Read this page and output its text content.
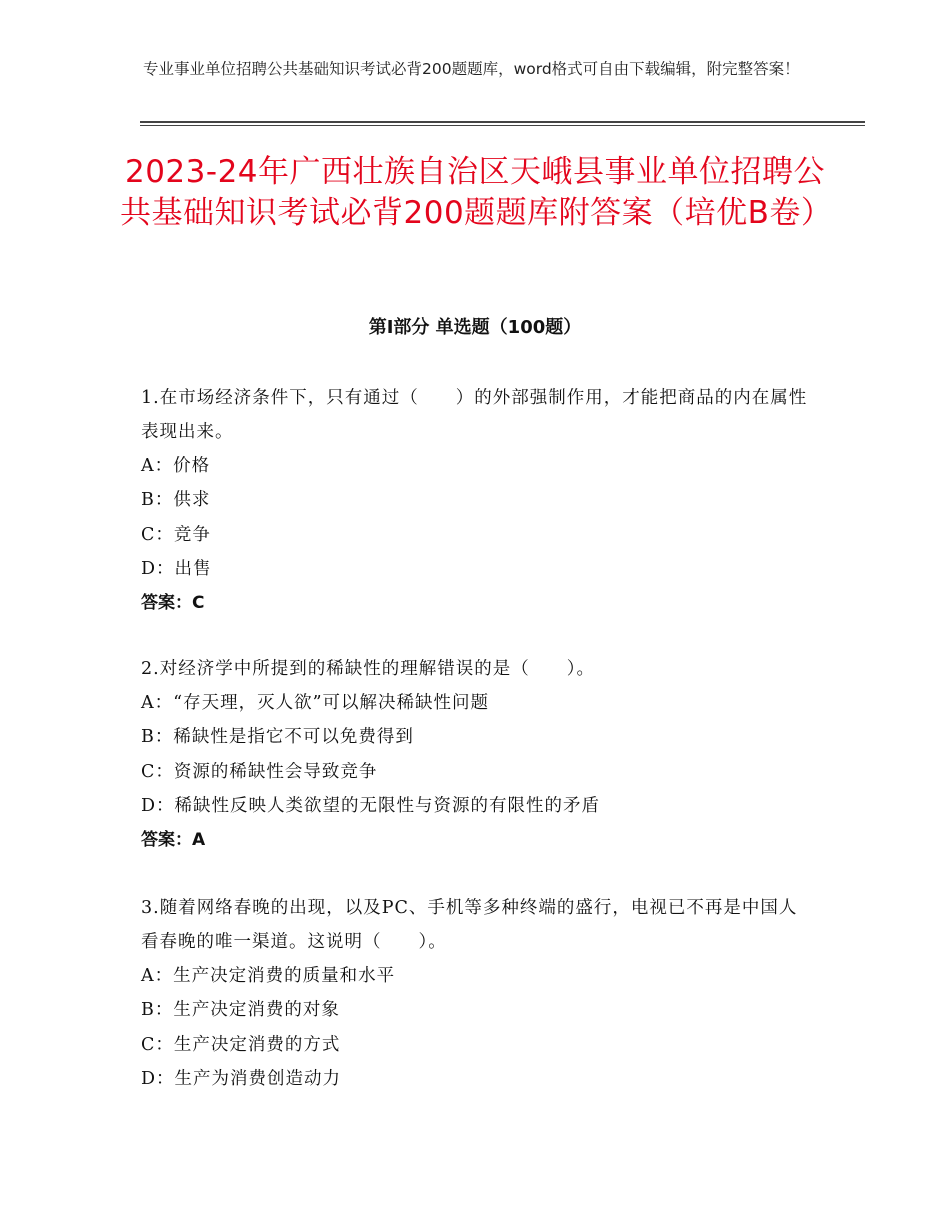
专业事业单位招聘公共基础知识考试必背200题题库，word格式可自由下载编辑，附完整答案！
2023-24年广西壮族自治区天峨县事业单位招聘公共基础知识考试必背200题题库附答案（培优B卷）
第Ⅰ部分 单选题（100题）
1.在市场经济条件下，只有通过（　　）的外部强制作用，才能把商品的内在属性表现出来。
A：价格
B：供求
C：竞争
D：出售
答案：C
2.对经济学中所提到的稀缺性的理解错误的是（　　）。
A：“存天理，灭人欲”可以解决稀缺性问题
B：稀缺性是指它不可以免费得到
C：资源的稀缺性会导致竞争
D：稀缺性反映人类欲望的无限性与资源的有限性的矛盾
答案：A
3.随着网络春晚的出现，以及PC、手机等多种终端的盛行，电视已不再是中国人看春晚的唯一渠道。这说明（　　）。
A：生产决定消费的质量和水平
B：生产决定消费的对象
C：生产决定消费的方式
D：生产为消费创造动力
